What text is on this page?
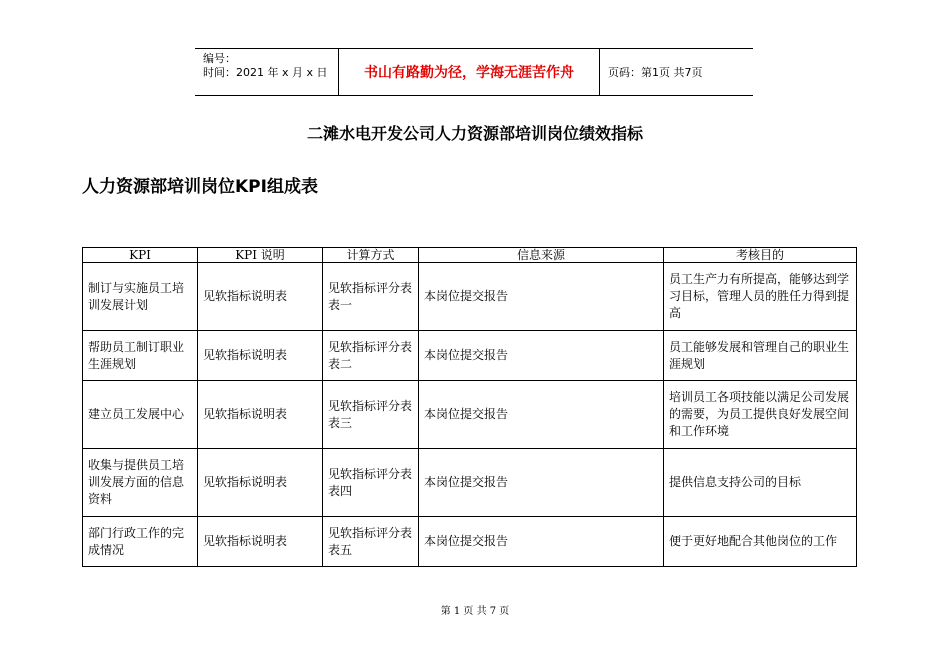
编号：
时间：2021 年 x 月 x 日	书山有路勤为径，学海无涯苦作舟	页码：第1页 共7页
二滩水电开发公司人力资源部培训岗位绩效指标
人力资源部培训岗位KPI组成表
KPI	KPI 说明	计算方式	信息来源	考核目的
制订与实施员工培训发展计划	见软指标说明表	见软指标评分表表一	本岗位提交报告	员工生产力有所提高，能够达到学习目标，管理人员的胜任力得到提高
帮助员工制订职业生涯规划	见软指标说明表	见软指标评分表表二	本岗位提交报告	员工能够发展和管理自己的职业生涯规划
建立员工发展中心	见软指标说明表	见软指标评分表表三	本岗位提交报告	培训员工各项技能以满足公司发展的需要，为员工提供良好发展空间和工作环境
收集与提供员工培训发展方面的信息资料	见软指标说明表	见软指标评分表表四	本岗位提交报告	提供信息支持公司的目标
部门行政工作的完成情况	见软指标说明表	见软指标评分表表五	本岗位提交报告	便于更好地配合其他岗位的工作
第 1 页 共 7 页
